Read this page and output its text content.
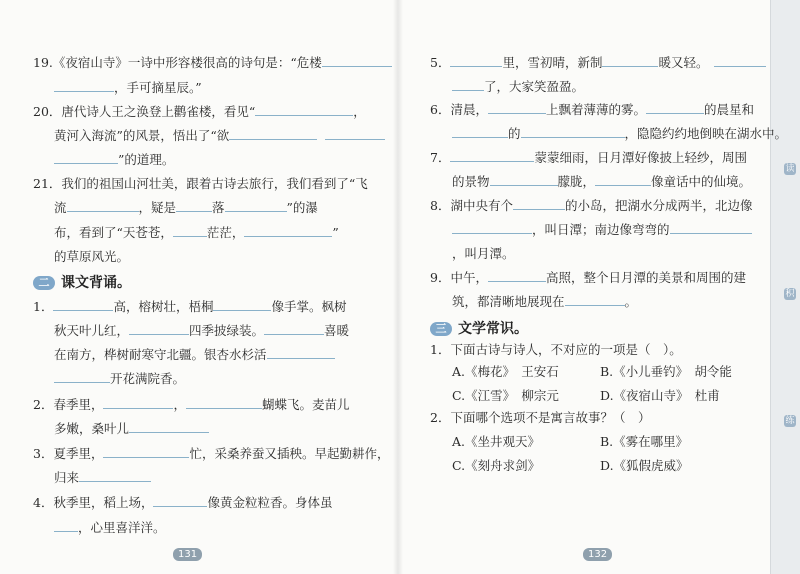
读
积
练
19.《夜宿山寺》一诗中形容楼很高的诗句是：“危楼
，手可摘星辰。”
20．唐代诗人王之涣登上鹳雀楼，看见“	，
黄河入海流”的风景，悟出了“欲
”的道理。
21．我们的祖国山河壮美，跟着古诗去旅行，我们看到了“飞
流	，疑是	落	”的瀑
布，看到了“天苍苍，	茫茫，	”
的草原风光。
二 课文背诵。
1．	高，榕树壮，梧桐	像手掌。枫树
秋天叶儿红，	四季披绿装。	喜暖
在南方，桦树耐寒守北疆。银杏水杉活
开花满院香。
2．春季里，	，	蝴蝶飞。麦苗儿
多嫩，桑叶儿
3．夏季里，	忙，采桑养蚕又插秧。早起勤耕作，
归来
4．秋季里，稻上场，	像黄金粒粒香。身体虽
，心里喜洋洋。
131
5．	里，雪初晴，新制	暖又轻。
了，大家笑盈盈。
6．清晨，	上飘着薄薄的雾。	的晨星和
的	，隐隐约约地倒映在湖水中。
7．	蒙蒙细雨，日月潭好像披上轻纱，周围
的景物	朦胧，	像童话中的仙境。
8．湖中央有个	的小岛，把湖水分成两半，北边像
，叫日潭；南边像弯弯的
，叫月潭。
9．中午，	高照，整个日月潭的美景和周围的建
筑，都清晰地展现在	。
三 文学常识。
1．下面古诗与诗人，不对应的一项是（　）。
A.《梅花》　王安石	B.《小儿垂钓》　胡令能
C.《江雪》　柳宗元	D.《夜宿山寺》　杜甫
2．下面哪个选项不是寓言故事？（　）
A.《坐井观天》	B.《雾在哪里》
C.《刻舟求剑》	D.《狐假虎威》
132
